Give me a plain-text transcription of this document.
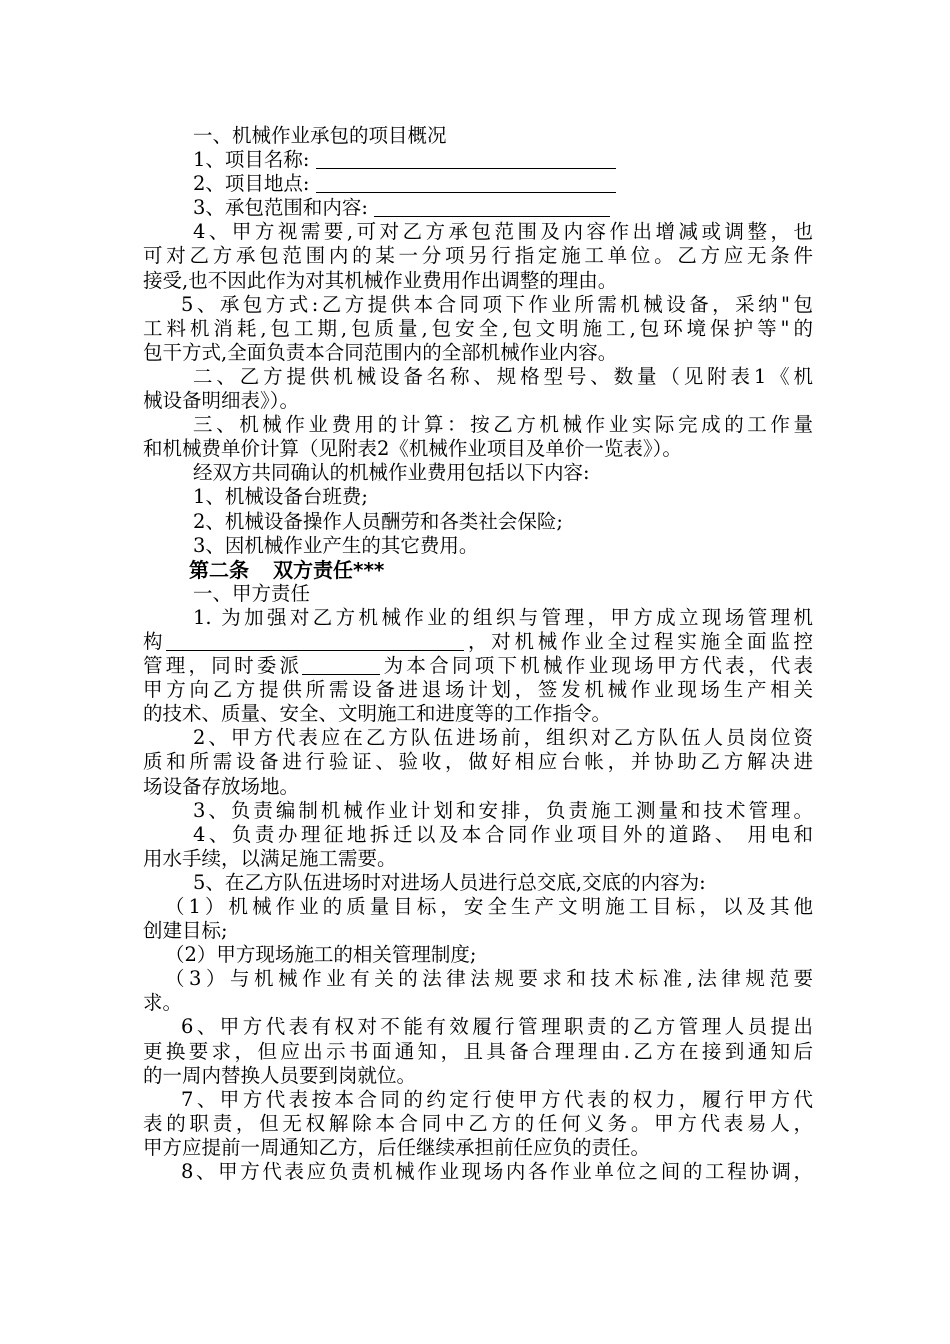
一、机械作业承包的项目概况
1、项目名称:
2、项目地点:
3、承包范围和内容:
4、甲方视需要,可对乙方承包范围及内容作出增减或调整，也
可对乙方承包范围内的某一分项另行指定施工单位。乙方应无条件
接受,也不因此作为对其机械作业费用作出调整的理由。
5、承包方式:乙方提供本合同项下作业所需机械设备，采纳"包
工料机消耗,包工期,包质量,包安全,包文明施工,包环境保护等"的
包干方式,全面负责本合同范围内的全部机械作业内容。
二、乙方提供机械设备名称、规格型号、数量（见附表1《机
械设备明细表》）。
三、机械作业费用的计算：按乙方机械作业实际完成的工作量
和机械费单价计算（见附表2《机械作业项目及单价一览表》）。
经双方共同确认的机械作业费用包括以下内容:
1、机械设备台班费;
2、机械设备操作人员酬劳和各类社会保险;
3、因机械作业产生的其它费用。
第二条 双方责任***
一、甲方责任
1. 为加强对乙方机械作业的组织与管理，甲方成立现场管理机
构	，对机械作业全过程实施全面监控
管理，同时委派	为本合同项下机械作业现场甲方代表，代表
甲方向乙方提供所需设备进退场计划，签发机械作业现场生产相关
的技术、质量、安全、文明施工和进度等的工作指令。
2、甲方代表应在乙方队伍进场前，组织对乙方队伍人员岗位资
质和所需设备进行验证、验收，做好相应台帐，并协助乙方解决进
场设备存放场地。
3、负责编制机械作业计划和安排，负责施工测量和技术管理。
4、负责办理征地拆迁以及本合同作业项目外的道路、 用电和
用水手续，以满足施工需要。
5、在乙方队伍进场时对进场人员进行总交底,交底的内容为:
（1）机械作业的质量目标，安全生产文明施工目标，以及其他
创建目标;
（2）甲方现场施工的相关管理制度;
（3）与机械作业有关的法律法规要求和技术标准,法律规范要
求。
6、甲方代表有权对不能有效履行管理职责的乙方管理人员提出
更换要求，但应出示书面通知，且具备合理理由.乙方在接到通知后
的一周内替换人员要到岗就位。
7、甲方代表按本合同的约定行使甲方代表的权力，履行甲方代
表的职责，但无权解除本合同中乙方的任何义务。甲方代表易人，
甲方应提前一周通知乙方，后任继续承担前任应负的责任。
8、甲方代表应负责机械作业现场内各作业单位之间的工程协调，
